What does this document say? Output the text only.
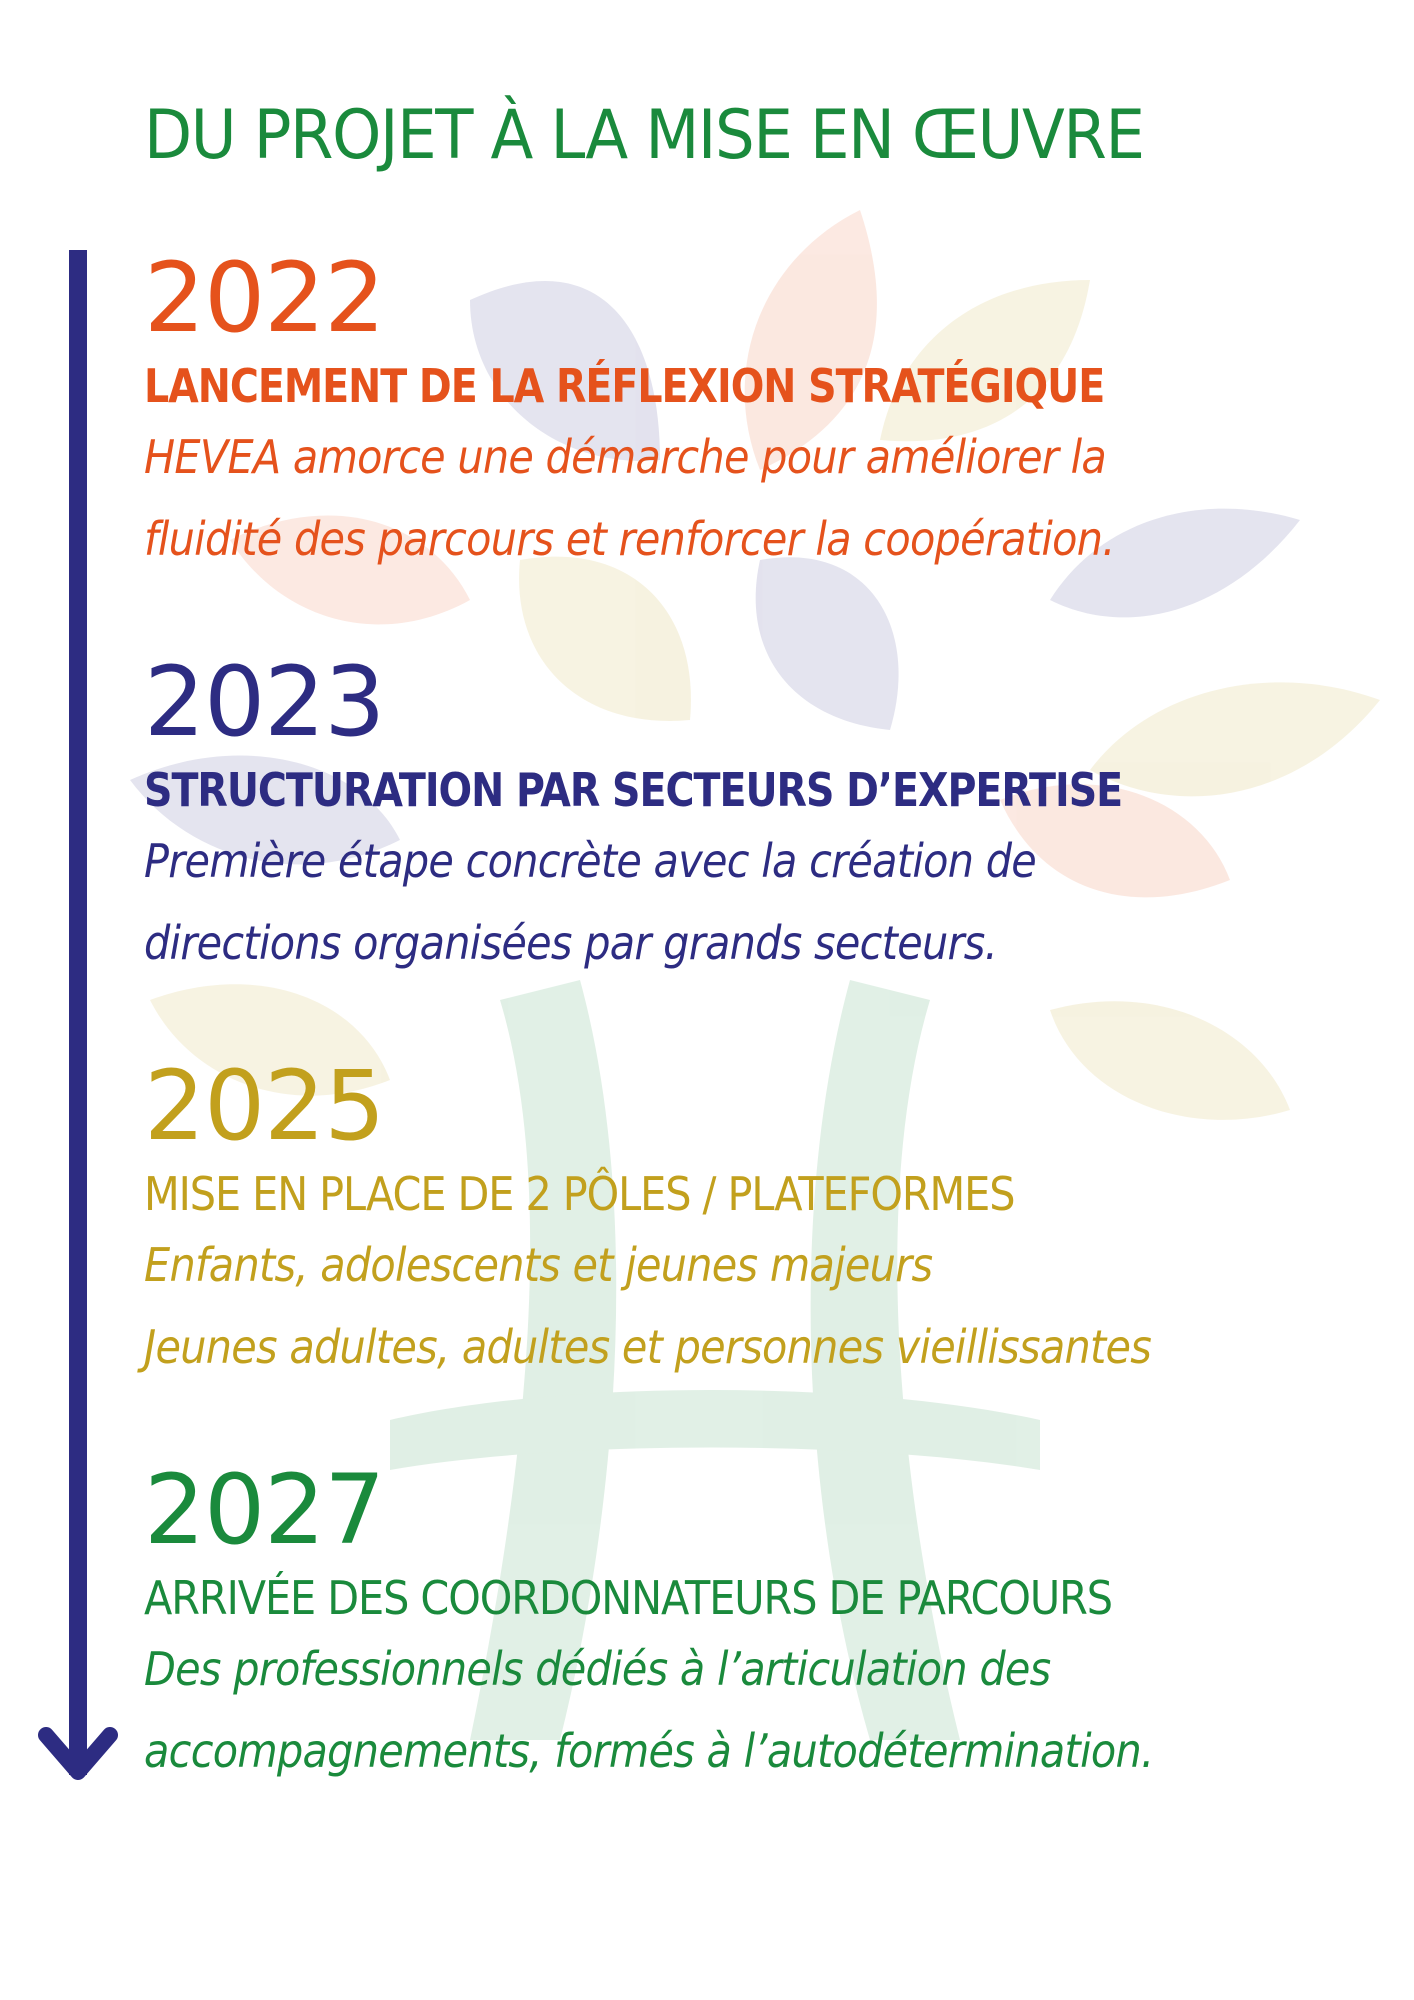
DU PROJET À LA MISE EN ŒUVRE
2022
LANCEMENT DE LA RÉFLEXION STRATÉGIQUE
HEVEA amorce une démarche pour améliorer la
fluidité des parcours et renforcer la coopération.
2023
STRUCTURATION PAR SECTEURS D’EXPERTISE
Première étape concrète avec la création de
directions organisées par grands secteurs.
2025
MISE EN PLACE DE 2 PÔLES / PLATEFORMES
Enfants, adolescents et jeunes majeurs
Jeunes adultes, adultes et personnes vieillissantes
2027
ARRIVÉE DES COORDONNATEURS DE PARCOURS
Des professionnels dédiés à l’articulation des
accompagnements, formés à l’autodétermination.
